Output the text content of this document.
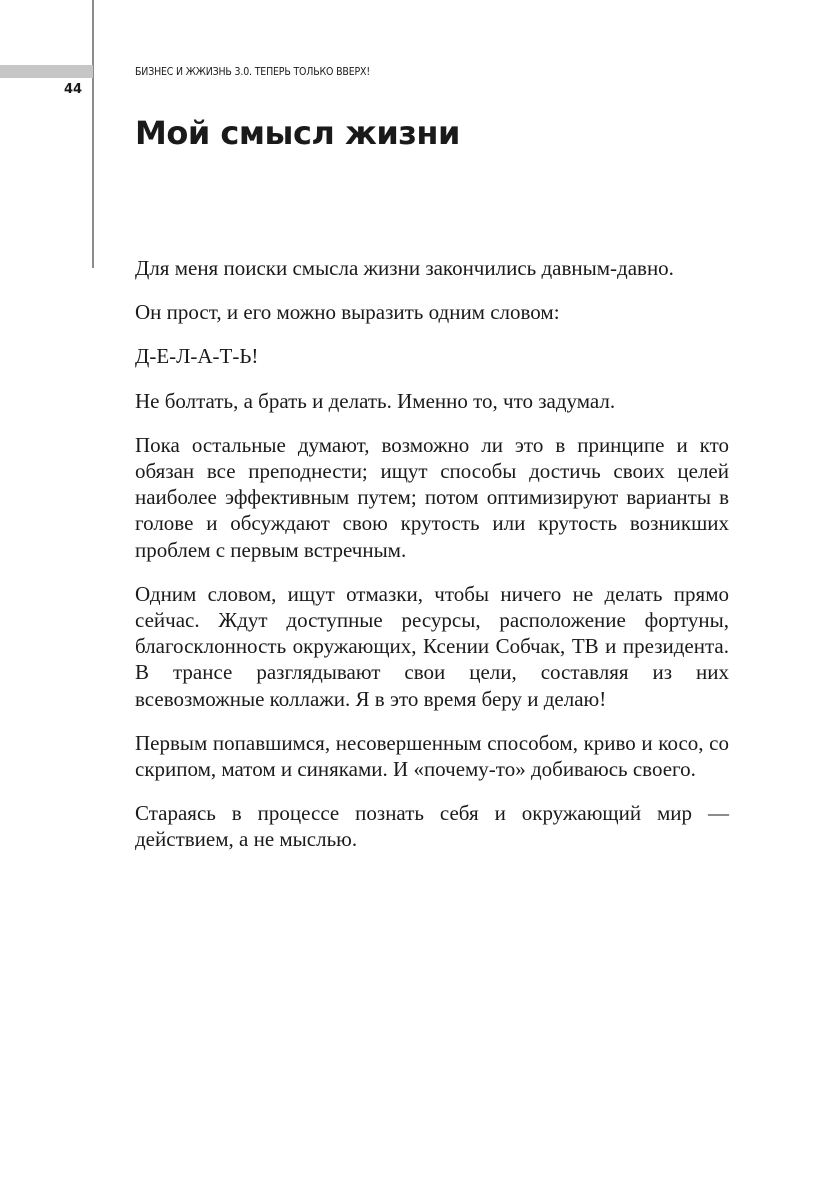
44
БИЗНЕС И ЖЖИЗНЬ 3.0. ТЕПЕРЬ ТОЛЬКО ВВЕРХ!
Мой смысл жизни

Для меня поиски смысла жизни закончились давным-давно.

Он прост, и его можно выразить одним словом:

Д-Е-Л-А-Т-Ь!

Не болтать, а брать и делать. Именно то, что задумал.

Пока остальные думают, возможно ли это в принципе и кто обязан все преподнести; ищут способы достичь своих целей наиболее эффективным путем; потом оптимизируют варианты в голове и обсуждают свою крутость или крутость возникших проблем с первым встречным.

Одним словом, ищут отмазки, чтобы ничего не делать прямо сейчас. Ждут доступные ресурсы, расположение фортуны, благосклонность окружающих, Ксении Собчак, ТВ и президента. В трансе разглядывают свои цели, составляя из них всевозможные коллажи. Я в это время беру и делаю!

Первым попавшимся, несовершенным способом, криво и косо, со скрипом, матом и синяками. И «почему-то» добиваюсь своего.

Стараясь в процессе познать себя и окружающий мир — действием, а не мыслью.
